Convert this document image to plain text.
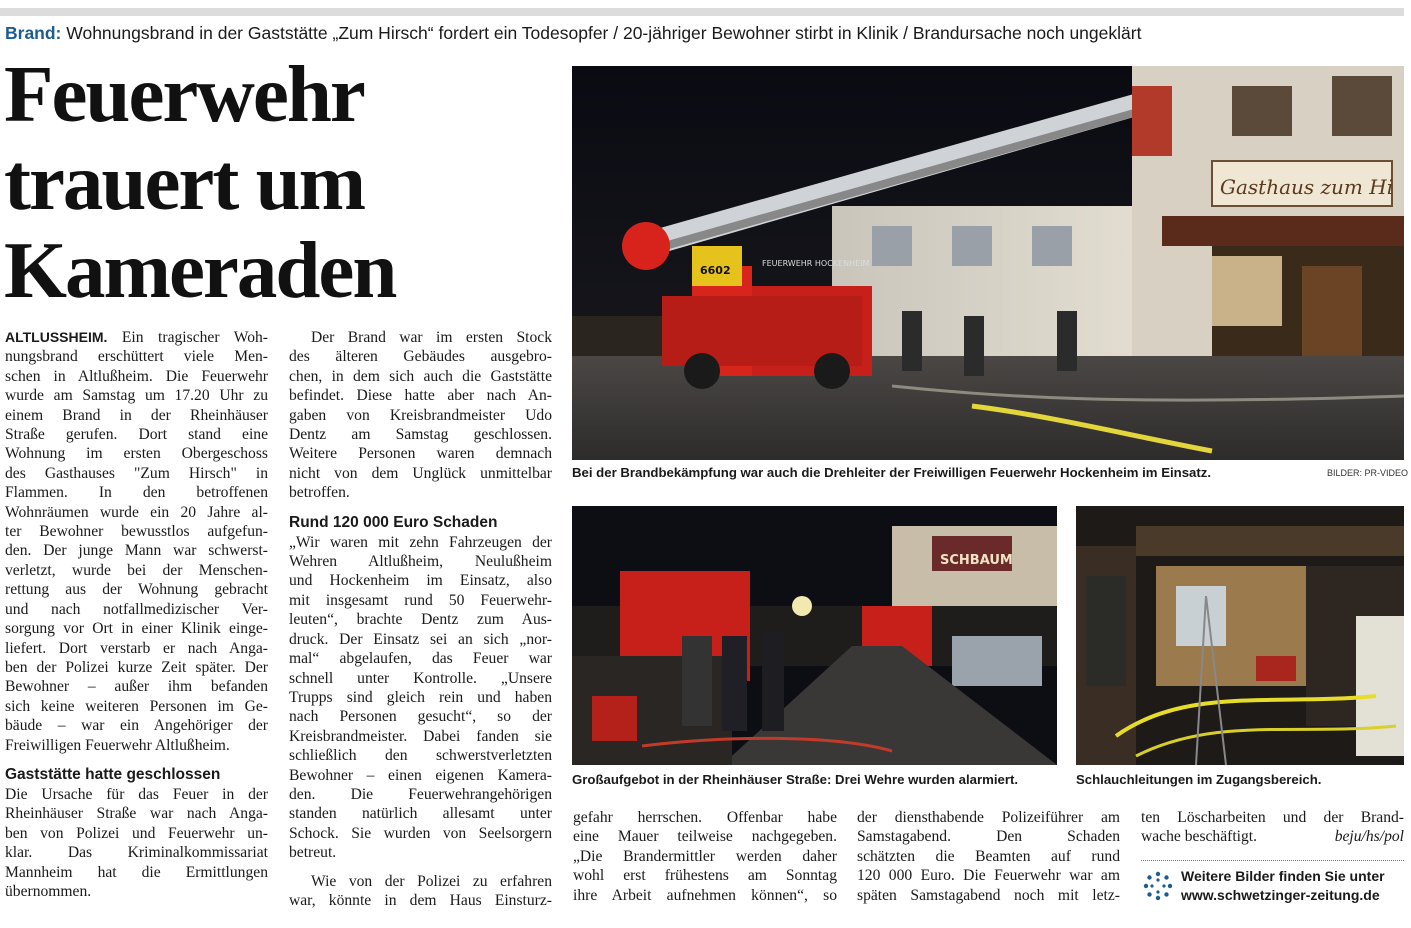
Brand: Wohnungsbrand in der Gaststätte „Zum Hirsch“ fordert ein Todesopfer / 20-jähriger Bewohner stirbt in Klinik / Brandursache noch ungeklärt
Feuerwehr
trauert um
Kameraden
ALTLUSSHEIM. Ein tragischer Woh-
nungsbrand erschüttert viele Men-
schen in Altlußheim. Die Feuerwehr
wurde am Samstag um 17.20 Uhr zu
einem Brand in der Rheinhäuser
Straße gerufen. Dort stand eine
Wohnung im ersten Obergeschoss
des Gasthauses "Zum Hirsch" in
Flammen. In den betroffenen
Wohnräumen wurde ein 20 Jahre al-
ter Bewohner bewusstlos aufgefun-
den. Der junge Mann war schwerst-
verletzt, wurde bei der Menschen-
rettung aus der Wohnung gebracht
und nach notfallmedizischer Ver-
sorgung vor Ort in einer Klinik einge-
liefert. Dort verstarb er nach Anga-
ben der Polizei kurze Zeit später. Der
Bewohner – außer ihm befanden
sich keine weiteren Personen im Ge-
bäude – war ein Angehöriger der
Freiwilligen Feuerwehr Altlußheim.
Gaststätte hatte geschlossen
Die Ursache für das Feuer in der
Rheinhäuser Straße war nach Anga-
ben von Polizei und Feuerwehr un-
klar. Das Kriminalkommissariat
Mannheim hat die Ermittlungen
übernommen.
Der Brand war im ersten Stock
des älteren Gebäudes ausgebro-
chen, in dem sich auch die Gaststätte
befindet. Diese hatte aber nach An-
gaben von Kreisbrandmeister Udo
Dentz am Samstag geschlossen.
Weitere Personen waren demnach
nicht von dem Unglück unmittelbar
betroffen.
Rund 120 000 Euro Schaden
„Wir waren mit zehn Fahrzeugen der
Wehren Altlußheim, Neulußheim
und Hockenheim im Einsatz, also
mit insgesamt rund 50 Feuerwehr-
leuten“, brachte Dentz zum Aus-
druck. Der Einsatz sei an sich „nor-
mal“ abgelaufen, das Feuer war
schnell unter Kontrolle. „Unsere
Trupps sind gleich rein und haben
nach Personen gesucht“, so der
Kreisbrandmeister. Dabei fanden sie
schließlich den schwerstverletzten
Bewohner – einen eigenen Kamera-
den. Die Feuerwehrangehörigen
standen natürlich allesamt unter
Schock. Sie wurden von Seelsorgern
betreut.
Wie von der Polizei zu erfahren
war, könnte in dem Haus Einsturz-
gefahr herrschen. Offenbar habe
eine Mauer teilweise nachgegeben.
„Die Brandermittler werden daher
wohl erst frühestens am Sonntag
ihre Arbeit aufnehmen können“, so
der diensthabende Polizeiführer am
Samstagabend. Den Schaden
schätzten die Beamten auf rund
120 000 Euro. Die Feuerwehr war am
späten Samstagabend noch mit letz-
ten Löscharbeiten und der Brand-
wache beschäftigt.	beju/hs/pol
Gasthaus zum Hi
6602
FEUERWEHR HOCKENHEIM
Bei der Brandbekämpfung war auch die Drehleiter der Freiwilligen Feuerwehr Hockenheim im Einsatz.	BILDER: PR-VIDEO
SCHBAUM
Großaufgebot in der Rheinhäuser Straße: Drei Wehre wurden alarmiert.	Schlauchleitungen im Zugangsbereich.
Weitere Bilder finden Sie unter
www.schwetzinger-zeitung.de
